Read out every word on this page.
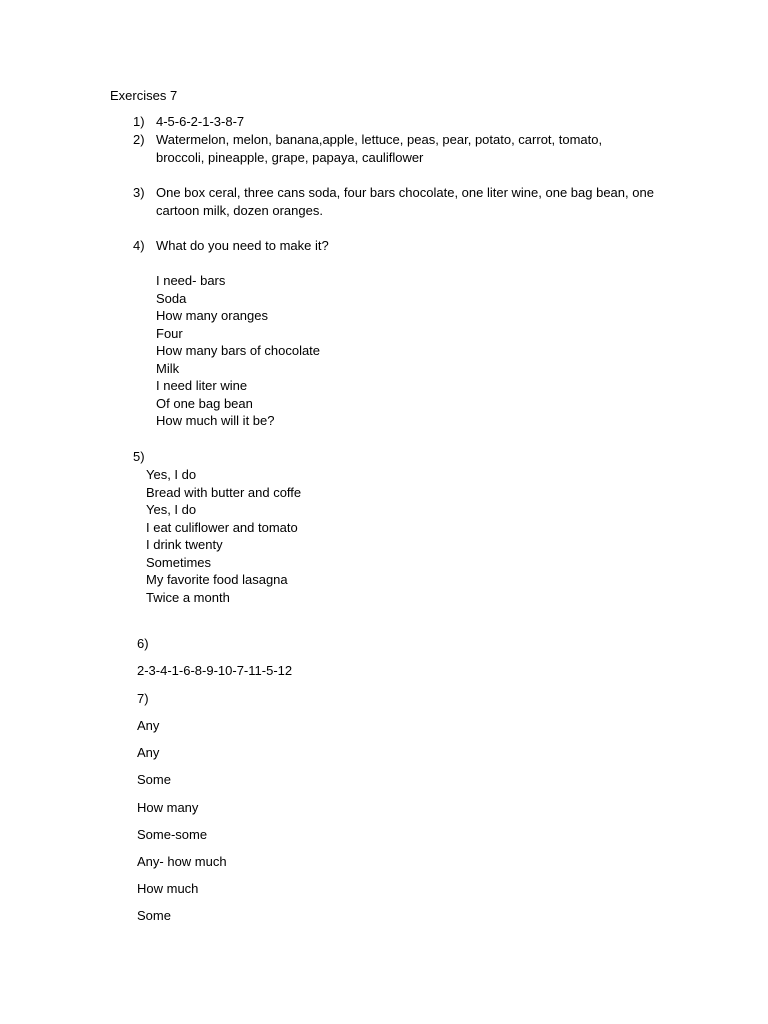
Exercises 7
1) 4-5-6-2-1-3-8-7
2) Watermelon, melon, banana,apple, lettuce, peas, pear, potato, carrot, tomato,
broccoli, pineapple, grape, papaya, cauliflower
3) One box ceral, three cans soda, four bars chocolate, one liter wine, one bag bean, one
cartoon milk, dozen oranges.
4) What do you need to make it?
I need- bars
Soda
How many oranges
Four
How many bars of chocolate
Milk
I need liter wine
Of one bag bean
How much will it be?
5)
Yes, I do
Bread with butter and coffe
Yes, I do
I eat culiflower and tomato
I drink twenty
Sometimes
My favorite food lasagna
Twice a month
6)
2-3-4-1-6-8-9-10-7-11-5-12
7)
Any
Any
Some
How many
Some-some
Any- how much
How much
Some
